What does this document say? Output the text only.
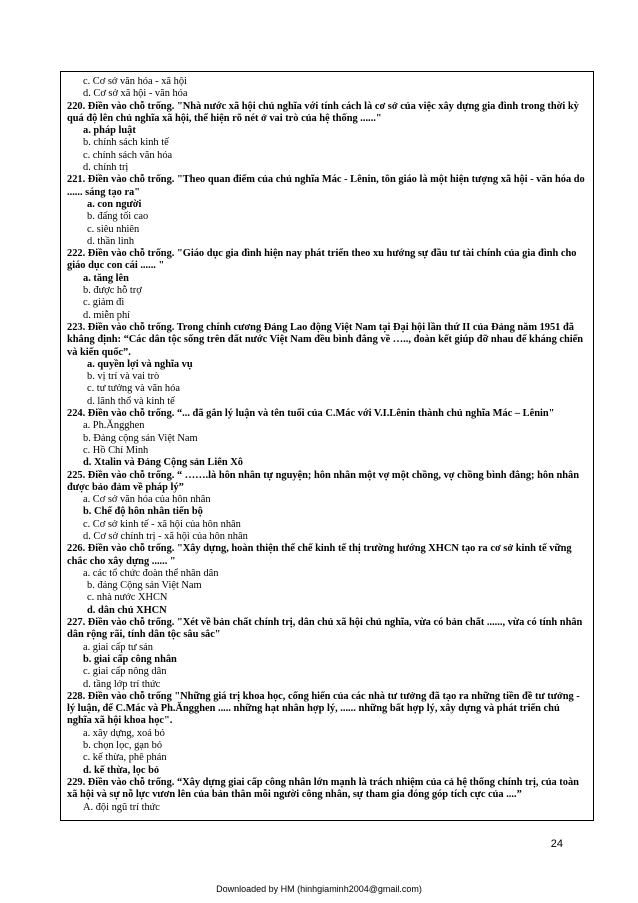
c. Cơ sở văn hóa - xã hội
d. Cơ sở xã hội - văn hóa
220. Điền vào chỗ trống. "Nhà nước xã hội chủ nghĩa với tính cách là cơ sở của việc xây dựng gia đình trong thời kỳ quá độ lên chủ nghĩa xã hội, thể hiện rõ nét ở vai trò của hệ thống ......"
a. pháp luật
b. chính sách kinh tế
c. chính sách văn hóa
d. chính trị
221. Điền vào chỗ trống. "Theo quan điểm của chủ nghĩa Mác - Lênin, tôn giáo là một hiện tượng xã hội - văn hóa do ...... sáng tạo ra"
a. con người
b. đấng tối cao
c. siêu nhiên
d. thần linh
222. Điền vào chỗ trống. "Giáo dục gia đình hiện nay phát triển theo xu hướng sự đầu tư tài chính của gia đình cho giáo dục con cái ...... "
a. tăng lên
b. được hỗ trợ
c. giảm đi
d. miễn phí
223. Điền vào chỗ trống. Trong chính cương Đảng Lao động Việt Nam tại Đại hội lần thứ II của Đảng năm 1951 đã khẳng định: “Các dân tộc sống trên đất nước Việt Nam đều bình đẳng về ….., đoàn kết giúp đỡ nhau để kháng chiến và kiến quốc”.
a. quyền lợi và nghĩa vụ
b. vị trí và vai trò
c. tư tưởng và văn hóa
d. lãnh thổ và kinh tế
224. Điền vào chỗ trống. “... đã gắn lý luận và tên tuổi của C.Mác với V.I.Lênin thành chủ nghĩa Mác – Lênin"
a. Ph.Ăngghen
b. Đảng cộng sản Việt Nam
c. Hồ Chí Minh
d. Xtalin và Đảng Cộng sản Liên Xô
225. Điền vào chỗ trống. “ …….là hôn nhân tự nguyện; hôn nhân một vợ một chồng, vợ chồng bình đẳng; hôn nhân được bảo đảm về pháp lý”
a. Cơ sở văn hóa của hôn nhân
b. Chế độ hôn nhân tiến bộ
c. Cơ sở kinh tế - xã hội của hôn nhân
d. Cơ sở chính trị - xã hội của hôn nhân
226. Điền vào chỗ trống. "Xây dựng, hoàn thiện thể chế kinh tế thị trường hướng XHCN tạo ra cơ sở kinh tế vững chắc cho xây dựng ...... "
a. các tổ chức đoàn thể nhân dân
b. đảng Cộng sản Việt Nam
c. nhà nước XHCN
d. dân chủ XHCN
227. Điền vào chỗ trống. "Xét về bản chất chính trị, dân chủ xã hội chủ nghĩa, vừa có bản chất ......, vừa có tính nhân dân rộng rãi, tính dân tộc sâu sắc"
a. giai cấp tư sản
b. giai cấp công nhân
c. giai cấp nông dân
d. tầng lớp trí thức
228. Điền vào chỗ trống "Những giá trị khoa học, cống hiến của các nhà tư tưởng đã tạo ra những tiền đề tư tưởng - lý luận, để C.Mác và Ph.Ăngghen ..... những hạt nhân hợp lý, ...... những bất hợp lý, xây dựng và phát triển chủ nghĩa xã hội khoa học".
a. xây dựng, xoá bỏ
b. chọn lọc, gạn bỏ
c. kế thừa, phê phán
d. kế thừa, lọc bỏ
229. Điền vào chỗ trống. “Xây dựng giai cấp công nhân lớn mạnh là trách nhiệm của cả hệ thống chính trị, của toàn xã hội và sự nỗ lực vươn lên của bản thân mỗi người công nhân, sự tham gia đóng góp tích cực của ....”
A. đội ngũ trí thức
24
Downloaded by HM (hinhgiaminh2004@gmail.com)
